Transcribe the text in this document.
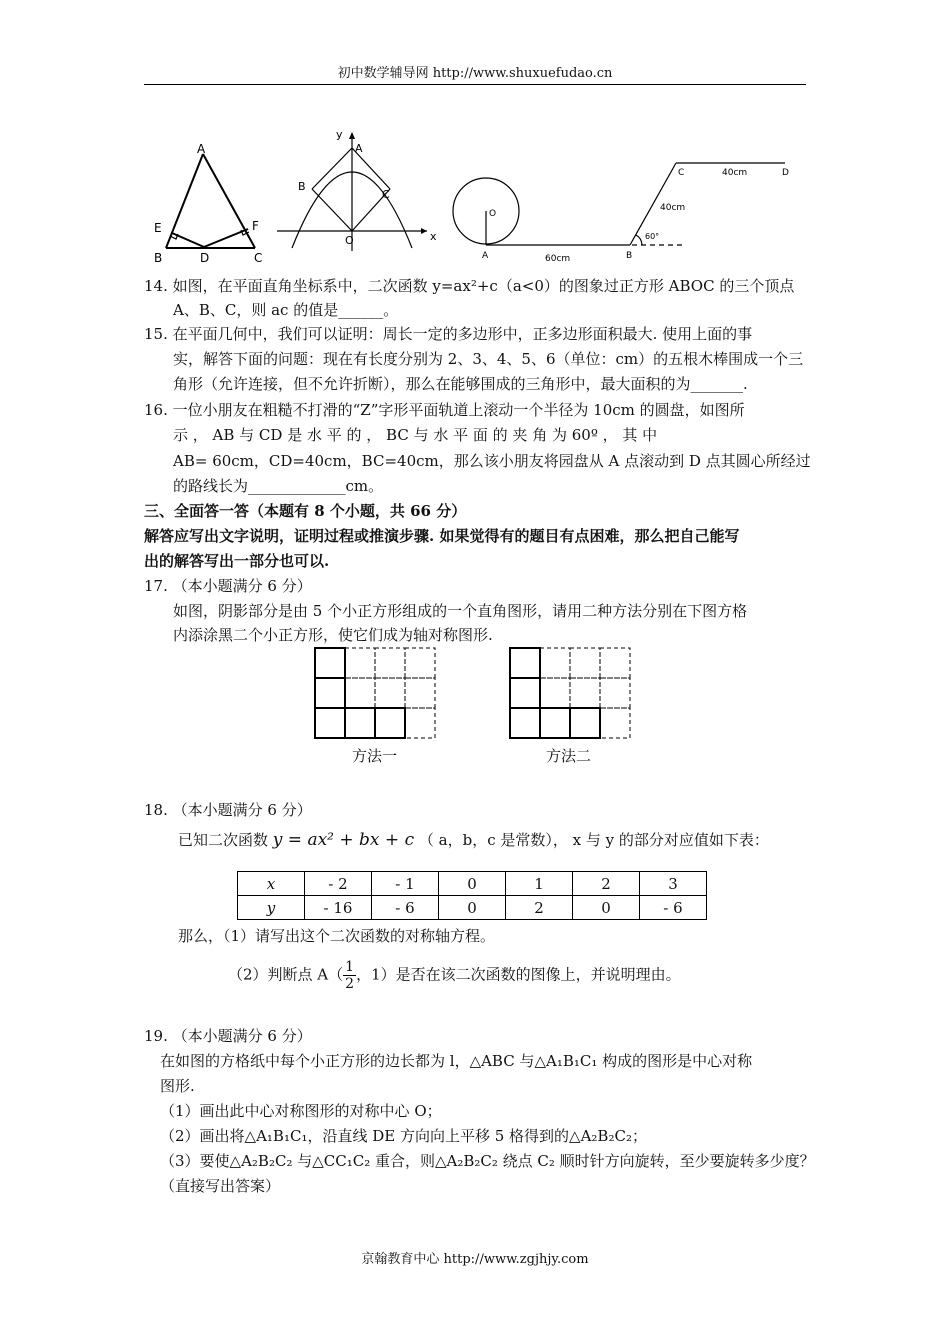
初中数学辅导网 http://www.shuxuefudao.cn
A
E	F
B	D	C
x
y
A
B
C
O
O
A	B
C	D
60cm
40cm
40cm
60°
14. 如图，在平面直角坐标系中，二次函数 y=ax²+c（a<0）的图象过正方形 ABOC 的三个顶点
A、B、C，则 ac 的值是______。
15. 在平面几何中，我们可以证明：周长一定的多边形中，正多边形面积最大. 使用上面的事
实，解答下面的问题：现在有长度分别为 2、3、4、5、6（单位：cm）的五根木棒围成一个三
角形（允许连接，但不允许折断），那么在能够围成的三角形中，最大面积的为_______.
16. 一位小朋友在粗糙不打滑的“Z”字形平面轨道上滚动一个半径为 10cm 的圆盘，如图所
示 ， AB 与 CD 是 水 平 的 ， BC 与 水 平 面 的 夹 角 为 60º ， 其 中
AB= 60cm，CD=40cm，BC=40cm，那么该小朋友将园盘从 A 点滚动到 D 点其圆心所经过
的路线长为_____________cm。
三、全面答一答（本题有 8 个小题，共 66 分）
解答应写出文字说明，证明过程或推演步骤. 如果觉得有的题目有点困难，那么把自己能写
出的解答写出一部分也可以.
17. （本小题满分 6 分）
如图，阴影部分是由 5 个小正方形组成的一个直角图形，请用二种方法分别在下图方格
内添涂黑二个小正方形，使它们成为轴对称图形.
方法一	方法二
18. （本小题满分 6 分）
已知二次函数 y = ax² + bx + c （ a，b，c 是常数）， x 与 y 的部分对应值如下表：
x	- 2	- 1	0	1	2	3
y	- 16	- 6	0	2	0	- 6
那么，（1）请写出这个二次函数的对称轴方程。
（2）判断点 $A( \frac{1}{2}$ ，1）是否在该二次函数的图像上，并说明理由。
19. （本小题满分 6 分）
在如图的方格纸中每个小正方形的边长都为 l，△ABC 与△A₁B₁C₁ 构成的图形是中心对称
图形.
（1）画出此中心对称图形的对称中心 O；
（2）画出将△A₁B₁C₁，沿直线 DE 方向向上平移 5 格得到的△A₂B₂C₂；
（3）要使△A₂B₂C₂ 与△CC₁C₂ 重合，则△A₂B₂C₂ 绕点 C₂ 顺时针方向旋转，至少要旋转多少度？
（直接写出答案）
京翰教育中心 http://www.zgjhjy.com
